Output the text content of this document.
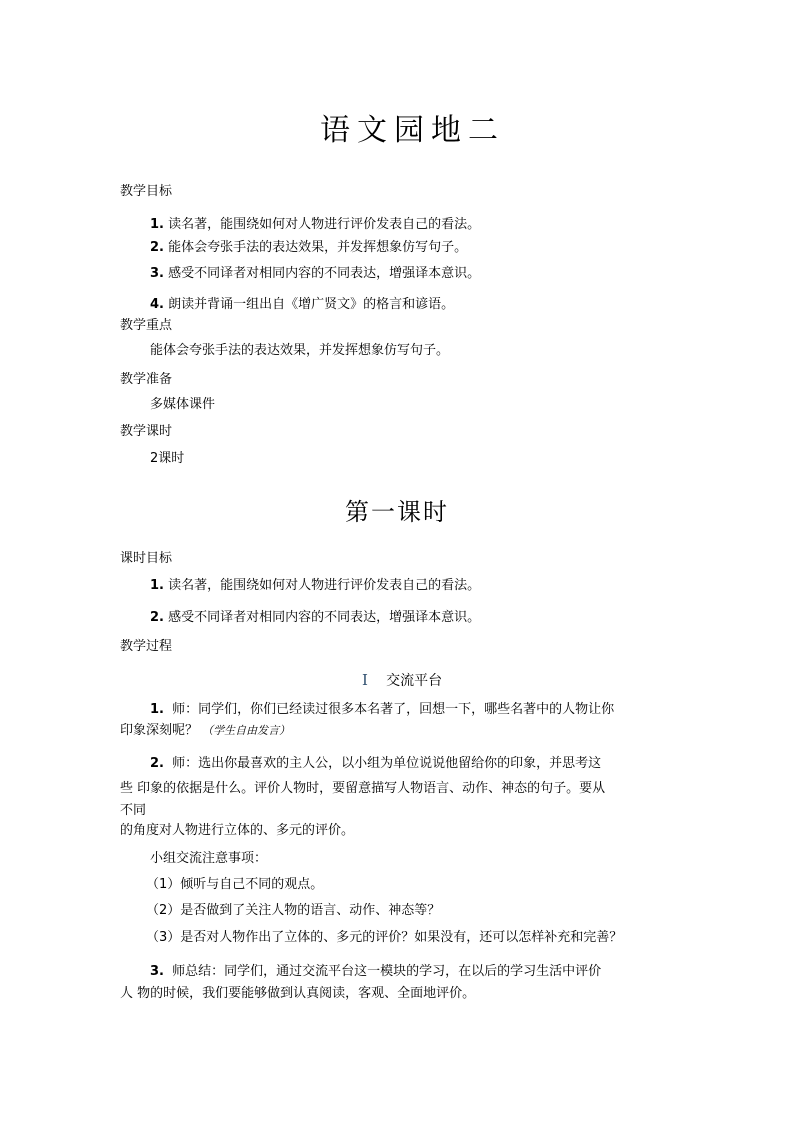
语文园地二
教学目标
1. 读名著，能围绕如何对人物进行评价发表自己的看法。
2. 能体会夸张手法的表达效果，并发挥想象仿写句子。
3. 感受不同译者对相同内容的不同表达，增强译本意识。
4. 朗读并背诵一组出自《增广贤文》的格言和谚语。
教学重点
能体会夸张手法的表达效果，并发挥想象仿写句子。
教学准备
多媒体课件
教学课时
2课时
第一课时
课时目标
1. 读名著，能围绕如何对人物进行评价发表自己的看法。
2. 感受不同译者对相同内容的不同表达，增强译本意识。
教学过程
I 交流平台
1. 师：同学们，你们已经读过很多本名著了，回想一下，哪些名著中的人物让你
印象深刻呢？ （学生自由发言）
2. 师：选出你最喜欢的主人公，以小组为单位说说他留给你的印象，并思考这
些 印象的依据是什么。评价人物时，要留意描写人物语言、动作、神态的句子。要从
不同
的角度对人物进行立体的、多元的评价。
小组交流注意事项：
（1）倾听与自己不同的观点。
（2）是否做到了关注人物的语言、动作、神态等？
（3）是否对人物作出了立体的、多元的评价？如果没有，还可以怎样补充和完善？
3. 师总结：同学们，通过交流平台这一模块的学习，在以后的学习生活中评价
人 物的时候，我们要能够做到认真阅读，客观、全面地评价。
